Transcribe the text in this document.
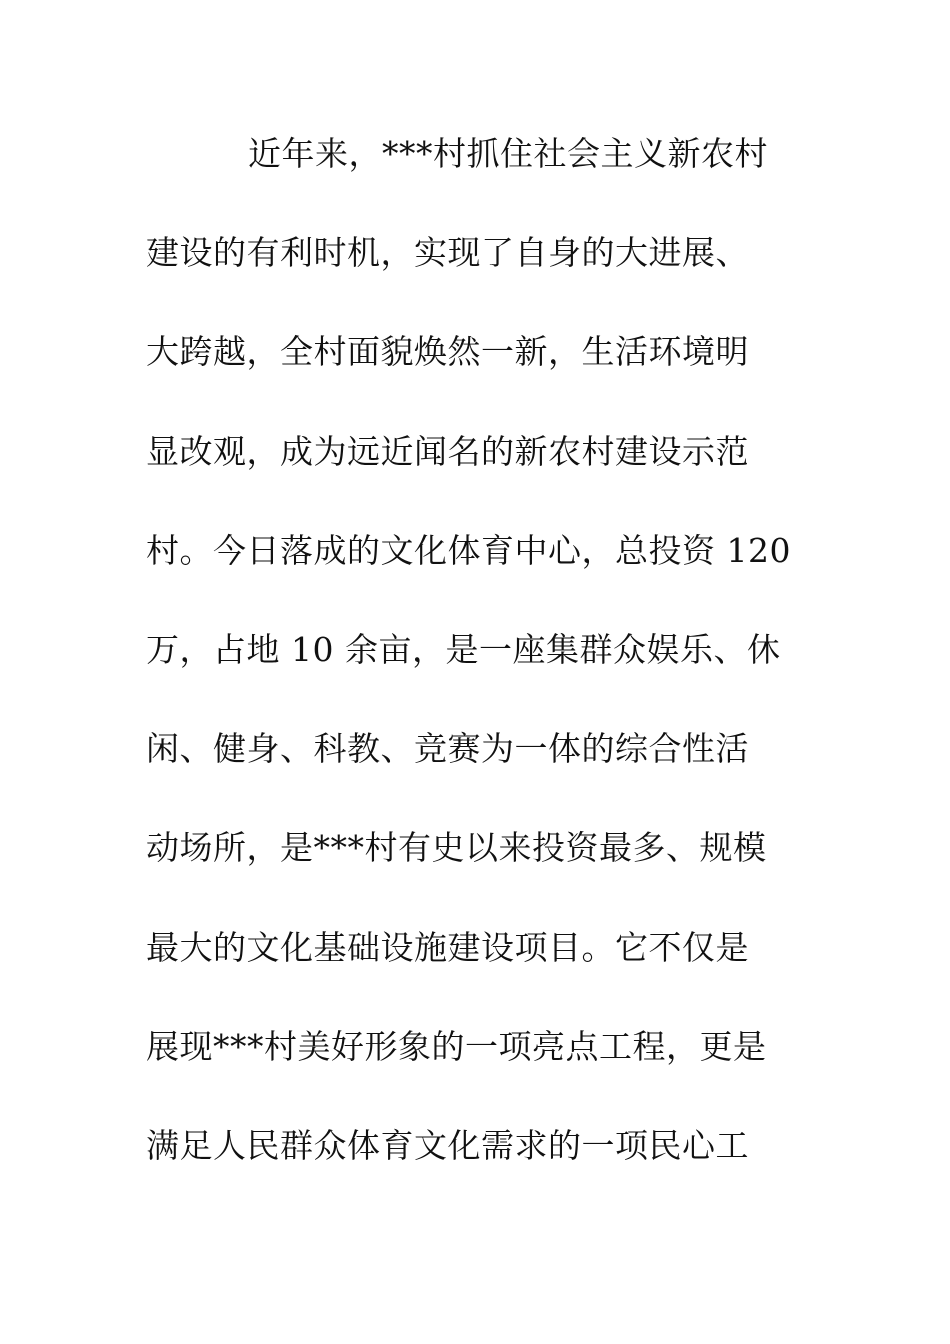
近年来，***村抓住社会主义新农村
建设的有利时机，实现了自身的大进展、
大跨越，全村面貌焕然一新，生活环境明
显改观，成为远近闻名的新农村建设示范
村。今日落成的文化体育中心，总投资 120
万，占地 10 余亩，是一座集群众娱乐、休
闲、健身、科教、竞赛为一体的综合性活
动场所，是***村有史以来投资最多、规模
最大的文化基础设施建设项目。它不仅是
展现***村美好形象的一项亮点工程，更是
满足人民群众体育文化需求的一项民心工
